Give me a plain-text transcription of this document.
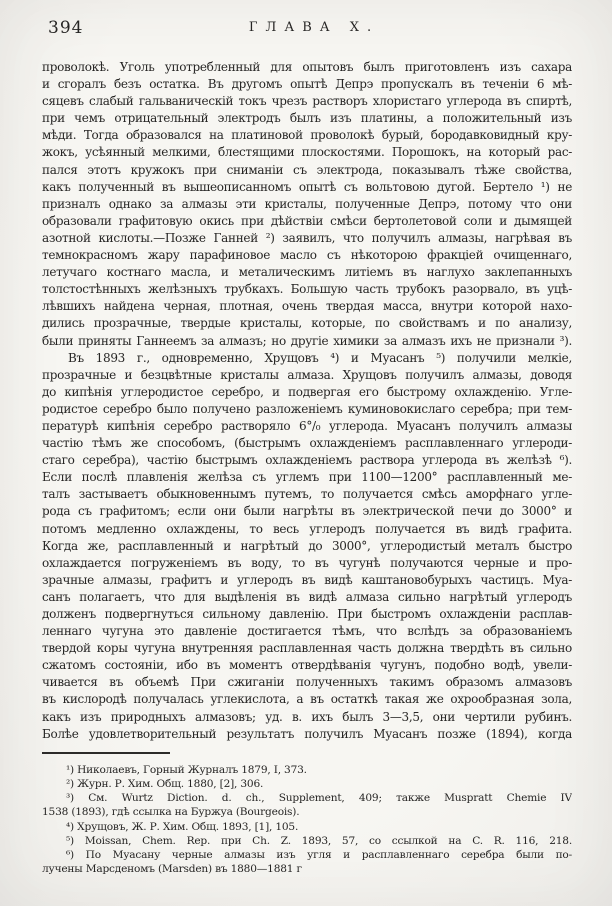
394	ГЛАВА X.
проволокѣ. Уголь употребленный для опытовъ былъ приготовленъ изъ сахара
и сгоралъ безъ остатка. Въ другомъ опытѣ Депрэ пропускалъ въ теченіи 6 мѣ-
сяцевъ слабый гальваническій токъ чрезъ растворъ хлористаго углерода въ спиртѣ,
при чемъ отрицательный электродъ былъ изъ платины, а положительный изъ
мѣди. Тогда образовался на платиновой проволокѣ бурый, бородавковидный кру-
жокъ, усѣянный мелкими, блестящими плоскостями. Порошокъ, на который рас-
пался этотъ кружокъ при сниманіи съ электрода, показывалъ тѣже свойства,
какъ полученный въ вышеописанномъ опытѣ съ вольтовою дугой. Бертело ¹) не
призналъ однако за алмазы эти кристалы, полученные Депрэ, потому что они
образовали графитовую окись при дѣйствіи смѣси бертолетовой соли и дымящей
азотной кислоты.—Позже Ганней ²) заявилъ, что получилъ алмазы, нагрѣвая въ
темнокрасномъ жару парафиновое масло съ нѣкоторою фракціей очищеннаго,
летучаго костнаго масла, и металическимъ литіемъ въ наглухо заклепанныхъ
толстостѣнныхъ желѣзныхъ трубкахъ. Большую часть трубокъ разорвало, въ уцѣ-
лѣвшихъ найдена черная, плотная, очень твердая масса, внутри которой нахо-
дились прозрачные, твердые кристалы, которые, по свойствамъ и по анализу,
были приняты Ганнеемъ за алмазъ; но другіе химики за алмазъ ихъ не признали ³).
Въ 1893 г., одновременно, Хрущовъ ⁴) и Муасанъ ⁵) получили мелкіе,
прозрачные и безцвѣтные кристалы алмаза. Хрущовъ получилъ алмазы, доводя
до кипѣнія углеродистое серебро, и подвергая его быстрому охлажденію. Угле-
родистое серебро было получено разложеніемъ куминовокислаго серебра; при тем-
пературѣ кипѣнія серебро растворяло 6°/₀ углерода. Муасанъ получилъ алмазы
частію тѣмъ же способомъ, (быстрымъ охлажденіемъ расплавленнаго углероди-
стаго серебра), частію быстрымъ охлажденіемъ раствора углерода въ желѣзѣ ⁶).
Если послѣ плавленія желѣза съ углемъ при 1100—1200° расплавленный ме-
талъ застываетъ обыкновеннымъ путемъ, то получается смѣсь аморфнаго угле-
рода съ графитомъ; если они были нагрѣты въ электрической печи до 3000° и
потомъ медленно охлаждены, то весь углеродъ получается въ видѣ графита.
Когда же, расплавленный и нагрѣтый до 3000°, углеродистый металъ быстро
охлаждается погруженіемъ въ воду, то въ чугунѣ получаются черные и про-
зрачные алмазы, графитъ и углеродъ въ видѣ каштановобурыхъ частицъ. Муа-
санъ полагаетъ, что для выдѣленія въ видѣ алмаза сильно нагрѣтый углеродъ
долженъ подвергнуться сильному давленію. При быстромъ охлажденіи расплав-
леннаго чугуна это давленіе достигается тѣмъ, что вслѣдъ за образованіемъ
твердой коры чугуна внутренняя расплавленная часть должна твердѣть въ сильно
сжатомъ состояніи, ибо въ моментъ отвердѣванія чугунъ, подобно водѣ, увели-
чивается въ объемѣ При сжиганіи полученныхъ такимъ образомъ алмазовъ
въ кислородѣ получалась углекислота, а въ остаткѣ такая же охрообразная зола,
какъ изъ природныхъ алмазовъ; уд. в. ихъ былъ 3—3,5, они чертили рубинъ.
Болѣе удовлетворительный результатъ получилъ Муасанъ позже (1894), когда
¹) Николаевъ, Горный Журналъ 1879, I, 373.
²) Журн. Р. Хим. Общ. 1880, [2], 306.
³) См. Wurtz Diction. d. ch., Supplement, 409; также Muspratt Chemie IV
1538 (1893), гдѣ ссылка на Буржуа (Bourgeois).
⁴) Хрущовъ, Ж. Р. Хим. Общ. 1893, [1], 105.
⁵) Moissan, Chem. Rep. при Ch. Z. 1893, 57, со ссылкой на C. R. 116, 218.
⁶) По Муасану черные алмазы изъ угля и расплавленнаго серебра были по-
лучены Марсденомъ (Marsden) въ 1880—1881 г
